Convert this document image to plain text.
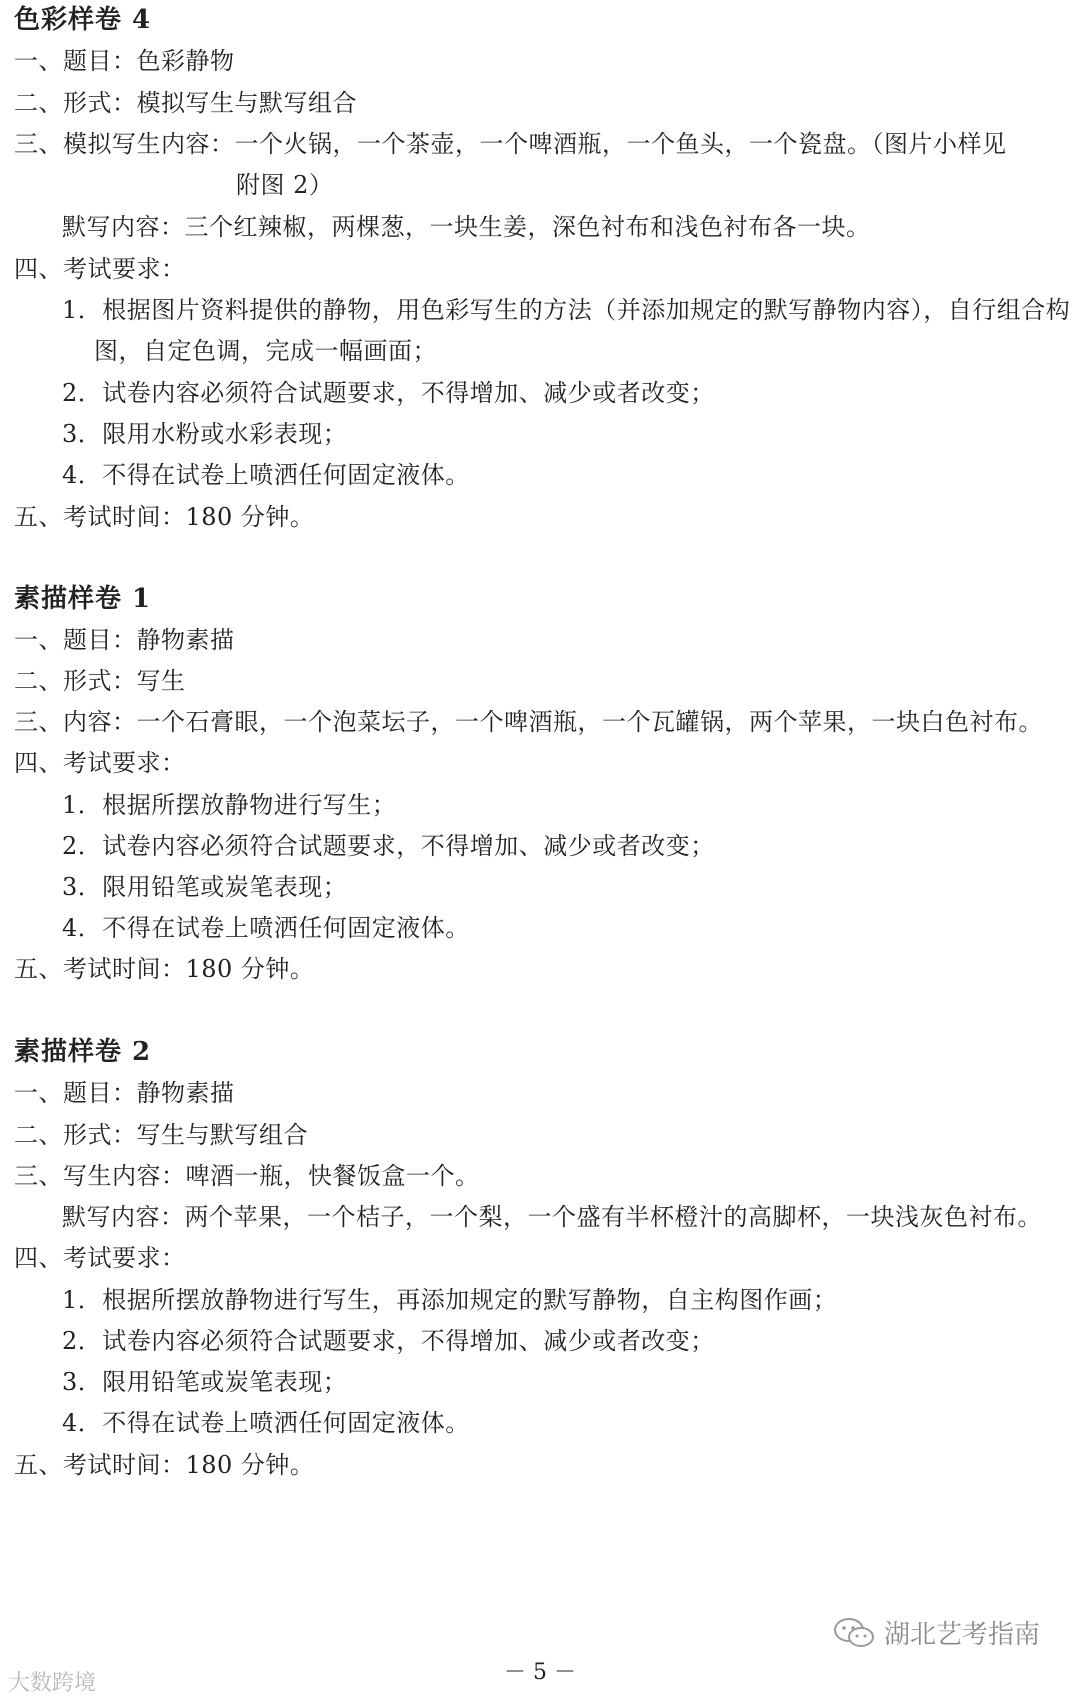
色彩样卷 4
一、题目：色彩静物
二、形式：模拟写生与默写组合
三、模拟写生内容：一个火锅，一个茶壶，一个啤酒瓶，一个鱼头，一个瓷盘。（图片小样见
附图 2）
默写内容：三个红辣椒，两棵葱，一块生姜，深色衬布和浅色衬布各一块。
四、考试要求：
1．根据图片资料提供的静物，用色彩写生的方法（并添加规定的默写静物内容），自行组合构
图，自定色调，完成一幅画面；
2．试卷内容必须符合试题要求，不得增加、减少或者改变；
3．限用水粉或水彩表现；
4．不得在试卷上喷洒任何固定液体。
五、考试时间：180 分钟。
素描样卷 1
一、题目：静物素描
二、形式：写生
三、内容：一个石膏眼，一个泡菜坛子，一个啤酒瓶，一个瓦罐锅，两个苹果，一块白色衬布。
四、考试要求：
1．根据所摆放静物进行写生；
2．试卷内容必须符合试题要求，不得增加、减少或者改变；
3．限用铅笔或炭笔表现；
4．不得在试卷上喷洒任何固定液体。
五、考试时间：180 分钟。
素描样卷 2
一、题目：静物素描
二、形式：写生与默写组合
三、写生内容：啤酒一瓶，快餐饭盒一个。
默写内容：两个苹果，一个桔子，一个梨，一个盛有半杯橙汁的高脚杯，一块浅灰色衬布。
四、考试要求：
1．根据所摆放静物进行写生，再添加规定的默写静物，自主构图作画；
2．试卷内容必须符合试题要求，不得增加、减少或者改变；
3．限用铅笔或炭笔表现；
4．不得在试卷上喷洒任何固定液体。
五、考试时间：180 分钟。
湖北艺考指南
大数跨境	－ 5 －
